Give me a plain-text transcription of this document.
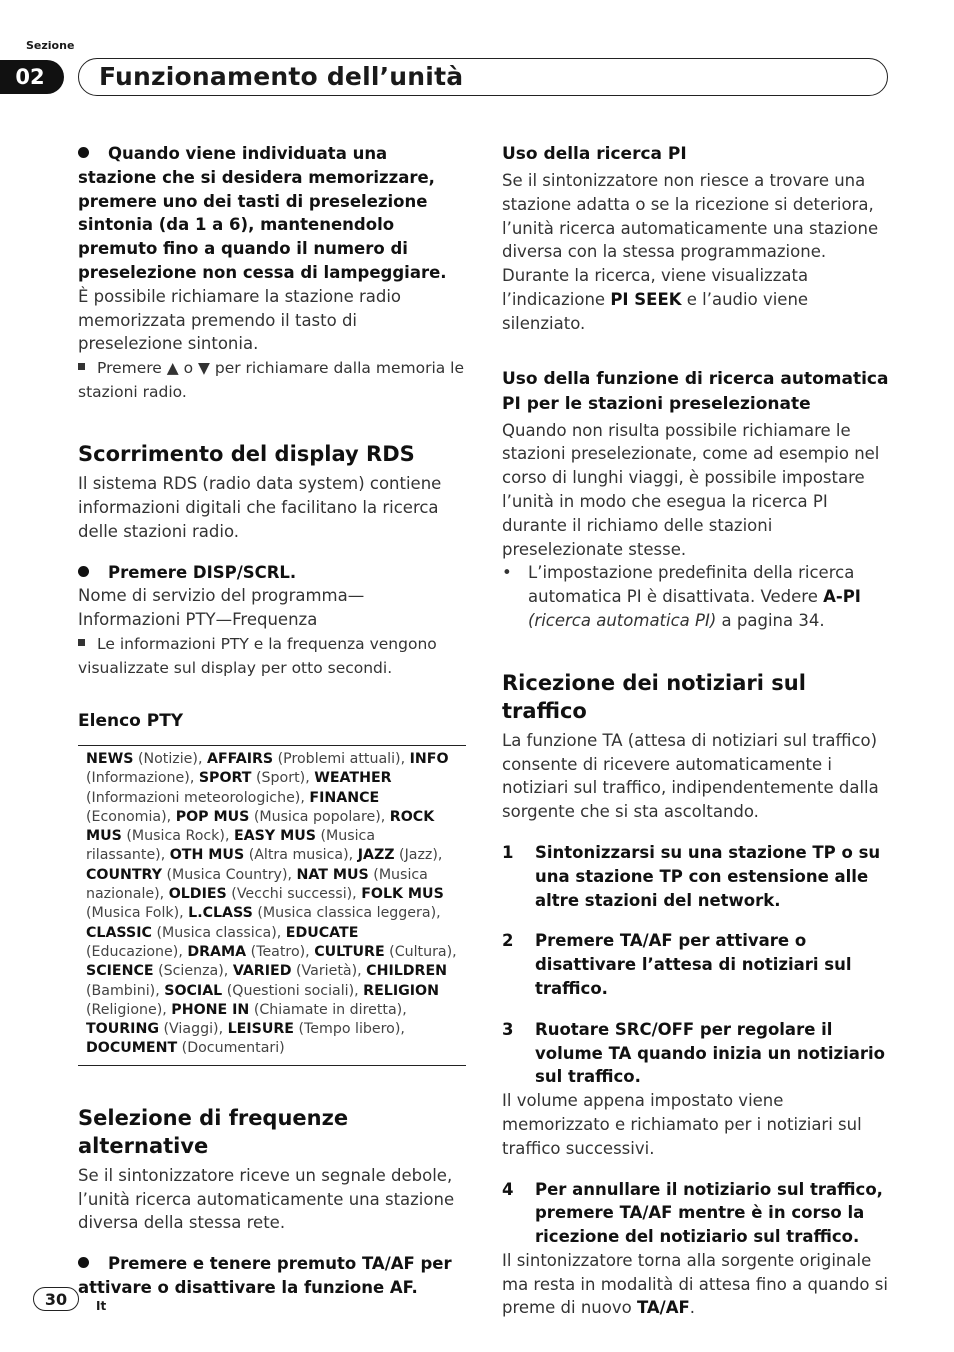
Sezione
02	Funzionamento dell’unità

Quando viene individuata una stazione che si desidera memorizzare, premere uno dei tasti di preselezione sintonia (da 1 a 6), mantenendolo premuto fino a quando il numero di preselezione non cessa di lampeggiare.

È possibile richiamare la stazione radio memorizzata premendo il tasto di preselezione sintonia.

Premere ▲ o ▼ per richiamare dalla memoria le stazioni radio.

Scorrimento del display RDS

Il sistema RDS (radio data system) contiene informazioni digitali che facilitano la ricerca delle stazioni radio.

Premere DISP/SCRL.

Nome di servizio del programma—Informazioni PTY—Frequenza

Le informazioni PTY e la frequenza vengono visualizzate sul display per otto secondi.

Elenco PTY
NEWS (Notizie), AFFAIRS (Problemi attuali), INFO (Informazione), SPORT (Sport), WEATHER (Informazioni meteorologiche), FINANCE (Economia), POP MUS (Musica popolare), ROCK MUS (Musica Rock), EASY MUS (Musica rilassante), OTH MUS (Altra musica), JAZZ (Jazz), COUNTRY (Musica Country), NAT MUS (Musica nazionale), OLDIES (Vecchi successi), FOLK MUS (Musica Folk), L.CLASS (Musica classica leggera), CLASSIC (Musica classica), EDUCATE (Educazione), DRAMA (Teatro), CULTURE (Cultura), SCIENCE (Scienza), VARIED (Varietà), CHILDREN (Bambini), SOCIAL (Questioni sociali), RELIGION (Religione), PHONE IN (Chiamate in diretta), TOURING (Viaggi), LEISURE (Tempo libero), DOCUMENT (Documentari)
Selezione di frequenze alternative

Se il sintonizzatore riceve un segnale debole, l’unità ricerca automaticamente una stazione diversa della stessa rete.

Premere e tenere premuto TA/AF per attivare o disattivare la funzione AF.

Uso della ricerca PI

Se il sintonizzatore non riesce a trovare una stazione adatta o se la ricezione si deteriora, l’unità ricerca automaticamente una stazione diversa con la stessa programmazione. Durante la ricerca, viene visualizzata l’indicazione PI SEEK e l’audio viene silenziato.

Uso della funzione di ricerca automatica PI per le stazioni preselezionate

Quando non risulta possibile richiamare le stazioni preselezionate, come ad esempio nel corso di lunghi viaggi, è possibile impostare l’unità in modo che esegua la ricerca PI durante il richiamo delle stazioni preselezionate stesse.

• L’impostazione predefinita della ricerca automatica PI è disattivata. Vedere A-PI (ricerca automatica PI) a pagina 34.
Ricezione dei notiziari sul traffico

La funzione TA (attesa di notiziari sul traffico) consente di ricevere automaticamente i notiziari sul traffico, indipendentemente dalla sorgente che si sta ascoltando.

1	Sintonizzarsi su una stazione TP o su una stazione TP con estensione alle altre stazioni del network.
2	Premere TA/AF per attivare o disattivare l’attesa di notiziari sul traffico.
3	Ruotare SRC/OFF per regolare il volume TA quando inizia un notiziario sul traffico.

Il volume appena impostato viene memorizzato e richiamato per i notiziari sul traffico successivi.

4	Per annullare il notiziario sul traffico, premere TA/AF mentre è in corso la ricezione del notiziario sul traffico.

Il sintonizzatore torna alla sorgente originale ma resta in modalità di attesa fino a quando si preme di nuovo TA/AF.

30	It
